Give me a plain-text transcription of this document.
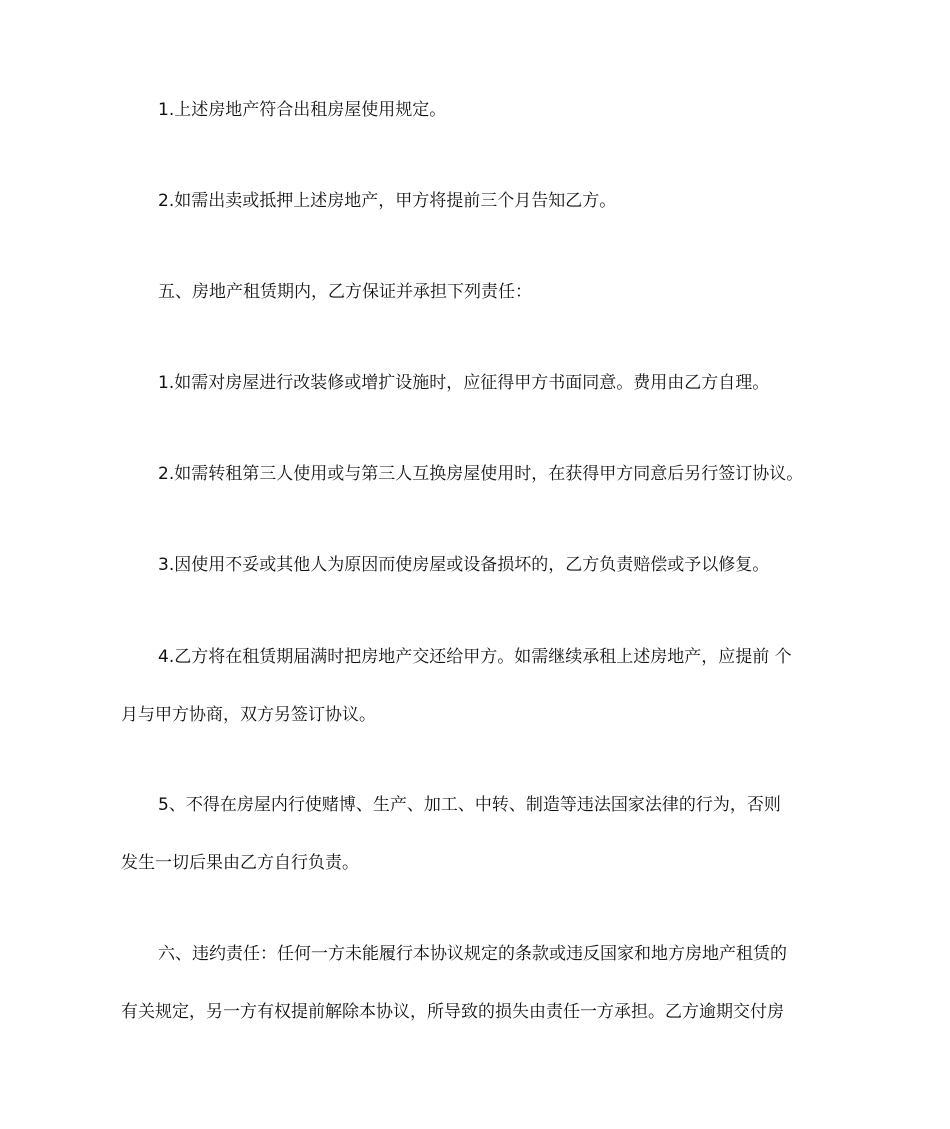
1.上述房地产符合出租房屋使用规定。
2.如需出卖或抵押上述房地产，甲方将提前三个月告知乙方。
五、房地产租赁期内，乙方保证并承担下列责任：
1.如需对房屋进行改装修或增扩设施时，应征得甲方书面同意。费用由乙方自理。
2.如需转租第三人使用或与第三人互换房屋使用时，在获得甲方同意后另行签订协议。
3.因使用不妥或其他人为原因而使房屋或设备损坏的，乙方负责赔偿或予以修复。
4.乙方将在租赁期届满时把房地产交还给甲方。如需继续承租上述房地产，应提前 个
月与甲方协商，双方另签订协议。
5、不得在房屋内行使赌博、生产、加工、中转、制造等违法国家法律的行为，否则
发生一切后果由乙方自行负责。
六、违约责任：任何一方未能履行本协议规定的条款或违反国家和地方房地产租赁的
有关规定，另一方有权提前解除本协议，所导致的损失由责任一方承担。乙方逾期交付房
